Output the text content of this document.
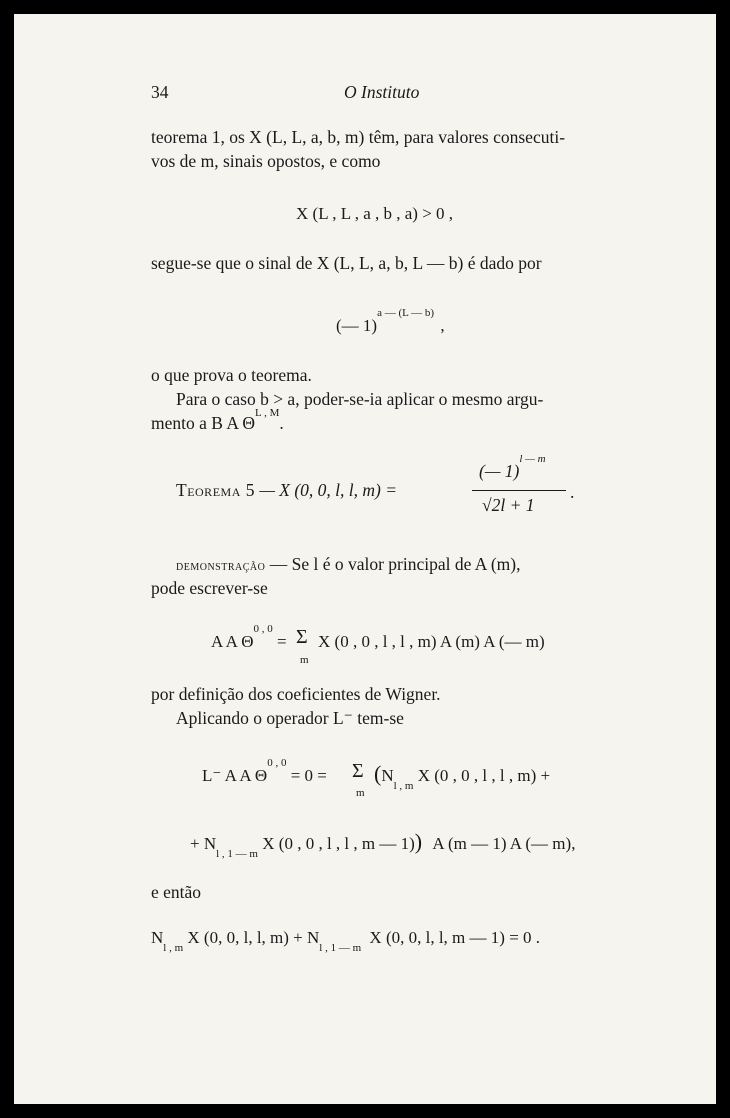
34	O Instituto
teorema 1, os X (L, L, a, b, m) têm, para valores consecuti-
vos de m, sinais opostos, e como
X (L , L , a , b , a) > 0 ,
segue-se que o sinal de X (L, L, a, b, L — b) é dado por
(— 1)$^{a — (L — b)}$ ,
o que prova o teorema.
Para o caso b > a, poder-se-ia aplicar o mesmo argu-
mento a B A $\Theta^{L , M}$.
Teorema 5 — X (0, 0, l, l, m) =
(— 1)$^{l — m}$
√2l + 1
.
demonstração — Se l é o valor principal de A (m),
pode escrever-se
A A Θ$^{0 , 0}$ = Σ
m
X (0 , 0 , l , l , m) A (m) A (— m)
por definição dos coeficientes de Wigner.
Aplicando o operador L⁻ tem-se
L⁻ A A Θ$^{0 , 0}$ = 0 = Σ
m
($N_{l , m}$ X (0 , 0 , l , l , m) +
+ $N_{l , 1 — m}$ X (0 , 0 , l , l , m — 1)) A (m — 1) A (— m),
e então
$N_{l , m}$ X (0, 0, l, l, $m) + N_{l , 1 — m}$ X (0, 0, l, l, m — 1) = 0 .
